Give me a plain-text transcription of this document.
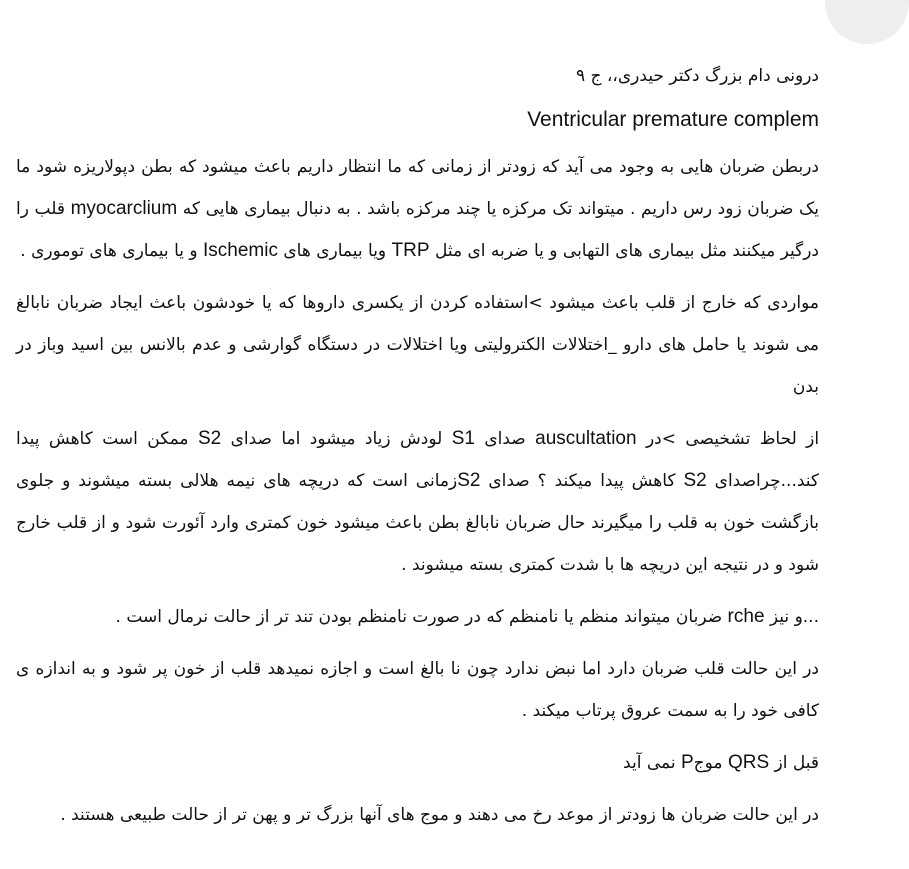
درونی دام بزرگ دکتر حیدری،، ج ۹

Ventricular premature complem

دربطن ضربان هایی به وجود می آید که زودتر از زمانی که ما انتظار داریم باعث میشود که بطن دپولاریزه شود ما یک ضربان زود رس داریم . میتواند تک مرکزه یا چند مرکزه باشد . به دنبال بیماری هایی که myocarclium قلب را درگیر میکنند مثل بیماری های التهابی و یا ضربه ای مثل TRP ویا بیماری های Ischemic و یا بیماری های توموری .

مواردی که خارج از قلب باعث میشود >استفاده کردن از یکسری داروها که یا خودشون باعث ایجاد ضربان نابالغ می شوند یا حامل های دارو _اختلالات الکترولیتی ویا اختلالات در دستگاه گوارشی و عدم بالانس بین اسید وباز در بدن

از لحاظ تشخیصی >در auscultation صدای S1 لودش زیاد میشود اما صدای S2 ممکن است کاهش پیدا کند...چراصدای S2 کاهش پیدا میکند ؟ صدای S2زمانی است که دریچه های نیمه هلالی بسته میشوند و جلوی بازگشت خون به قلب را میگیرند حال ضربان نابالغ بطن باعث میشود خون کمتری وارد آئورت شود و از قلب خارج شود و در نتیجه این دریچه ها با شدت کمتری بسته میشوند .

...و نیز rche ضربان میتواند منظم یا نامنظم که در صورت نامنظم بودن تند تر از حالت نرمال است .

در این حالت قلب ضربان دارد اما نبض ندارد چون نا بالغ است و اجازه نمیدهد قلب از خون پر شود و به اندازه ی کافی خود را به سمت عروق پرتاب میکند .

قبل از QRS موجP نمی آید

در این حالت ضربان ها زودتر از موعد رخ می دهند و موج های آنها بزرگ تر و پهن تر از حالت طبیعی هستند .
